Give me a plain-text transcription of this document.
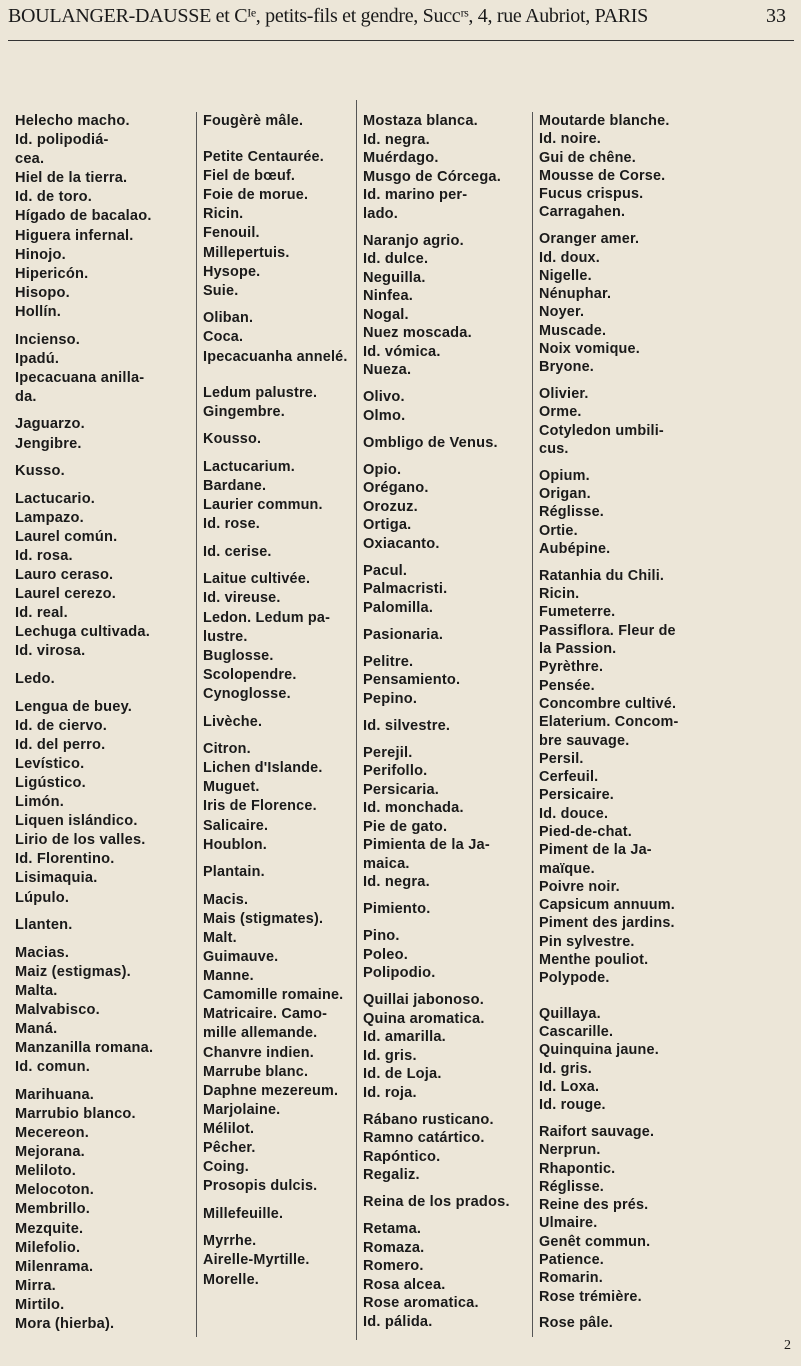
BOULANGER-DAUSSE et Cᴵᵉ, petits-fils et gendre, Succʳˢ, 4, rue Aubriot, PARIS	33
Helecho macho.
Id. polipodiá-
cea.
Hiel de la tierra.
Id. de toro.
Hígado de bacalao.
Higuera infernal.
Hinojo.
Hipericón.
Hisopo.
Hollín.
Incienso.
Ipadú.
Ipecacuana anilla-
da.
Jaguarzo.
Jengibre.
Kusso.
Lactucario.
Lampazo.
Laurel común.
Id. rosa.
Lauro ceraso.
Laurel cerezo.
Id. real.
Lechuga cultivada.
Id. virosa.
Ledo.
Lengua de buey.
Id. de ciervo.
Id. del perro.
Levístico.
Ligústico.
Limón.
Liquen islándico.
Lirio de los valles.
Id. Florentino.
Lisimaquia.
Lúpulo.
Llanten.
Macias.
Maiz (estigmas).
Malta.
Malvabisco.
Maná.
Manzanilla romana.
Id. comun.
Marihuana.
Marrubio blanco.
Mecereon.
Mejorana.
Meliloto.
Melocoton.
Membrillo.
Mezquite.
Milefolio.
Milenrama.
Mirra.
Mirtilo.
Mora (hierba).
Fougèrè mâle.
Petite Centaurée.
Fiel de bœuf.
Foie de morue.
Ricin.
Fenouil.
Millepertuis.
Hysope.
Suie.
Oliban.
Coca.
Ipecacuanha annelé.
Ledum palustre.
Gingembre.
Kousso.
Lactucarium.
Bardane.
Laurier commun.
Id. rose.
Id. cerise.
Laitue cultivée.
Id. vireuse.
Ledon. Ledum pa-
lustre.
Buglosse.
Scolopendre.
Cynoglosse.
Livèche.
Citron.
Lichen d'Islande.
Muguet.
Iris de Florence.
Salicaire.
Houblon.
Plantain.
Macis.
Mais (stigmates).
Malt.
Guimauve.
Manne.
Camomille romaine.
Matricaire. Camo-
mille allemande.
Chanvre indien.
Marrube blanc.
Daphne mezereum.
Marjolaine.
Mélilot.
Pêcher.
Coing.
Prosopis dulcis.
Millefeuille.
Myrrhe.
Airelle-Myrtille.
Morelle.
Mostaza blanca.
Id. negra.
Muérdago.
Musgo de Córcega.
Id. marino per-
lado.
Naranjo agrio.
Id. dulce.
Neguilla.
Ninfea.
Nogal.
Nuez moscada.
Id. vómica.
Nueza.
Olivo.
Olmo.
Ombligo de Venus.
Opio.
Orégano.
Orozuz.
Ortiga.
Oxiacanto.
Pacul.
Palmacristi.
Palomilla.
Pasionaria.
Pelitre.
Pensamiento.
Pepino.
Id. silvestre.
Perejil.
Perifollo.
Persicaria.
Id. monchada.
Pie de gato.
Pimienta de la Ja-
maica.
Id. negra.
Pimiento.
Pino.
Poleo.
Polipodio.
Quillai jabonoso.
Quina aromatica.
Id. amarilla.
Id. gris.
Id. de Loja.
Id. roja.
Rábano rusticano.
Ramno catártico.
Rapóntico.
Regaliz.
Reina de los prados.
Retama.
Romaza.
Romero.
Rosa alcea.
Rose aromatica.
Id. pálida.
Moutarde blanche.
Id. noire.
Gui de chêne.
Mousse de Corse.
Fucus crispus.
Carragahen.
Oranger amer.
Id. doux.
Nigelle.
Nénuphar.
Noyer.
Muscade.
Noix vomique.
Bryone.
Olivier.
Orme.
Cotyledon umbili-
cus.
Opium.
Origan.
Réglisse.
Ortie.
Aubépine.
Ratanhia du Chili.
Ricin.
Fumeterre.
Passiflora. Fleur de
la Passion.
Pyrèthre.
Pensée.
Concombre cultivé.
Elaterium. Concom-
bre sauvage.
Persil.
Cerfeuil.
Persicaire.
Id. douce.
Pied-de-chat.
Piment de la Ja-
maïque.
Poivre noir.
Capsicum annuum.
Piment des jardins.
Pin sylvestre.
Menthe pouliot.
Polypode.
Quillaya.
Cascarille.
Quinquina jaune.
Id. gris.
Id. Loxa.
Id. rouge.
Raifort sauvage.
Nerprun.
Rhapontic.
Réglisse.
Reine des prés.
Ulmaire.
Genêt commun.
Patience.
Romarin.
Rose trémière.
Rose pâle.
2
